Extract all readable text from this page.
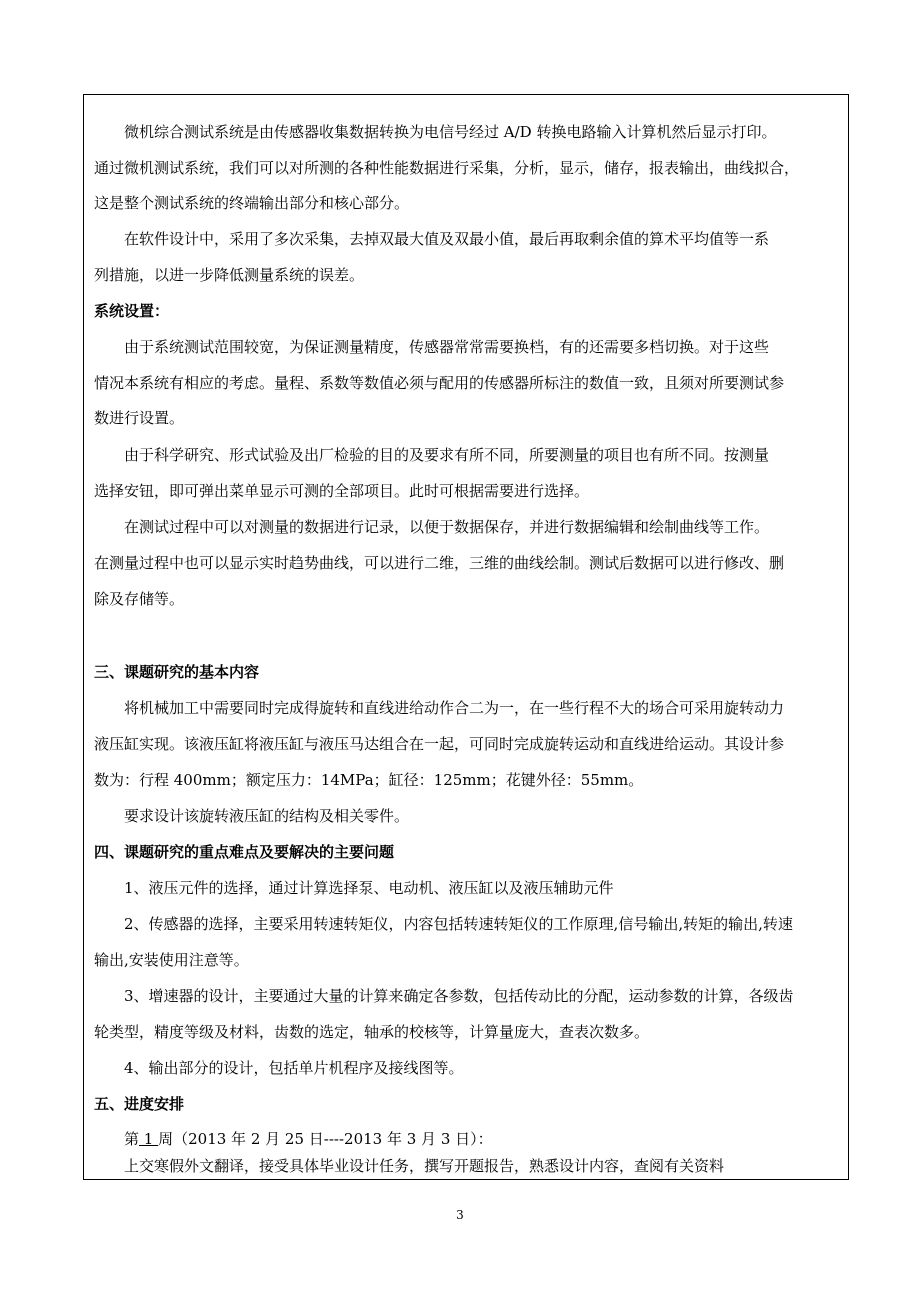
　　微机综合测试系统是由传感器收集数据转换为电信号经过 A/D 转换电路输入计算机然后显示打印。
通过微机测试系统，我们可以对所测的各种性能数据进行采集，分析，显示，储存，报表输出，曲线拟合，
这是整个测试系统的终端输出部分和核心部分。
　　在软件设计中，采用了多次采集，去掉双最大值及双最小值，最后再取剩余值的算术平均值等一系
列措施，以进一步降低测量系统的误差。
系统设置：
　　由于系统测试范围较宽，为保证测量精度，传感器常常需要换档，有的还需要多档切换。对于这些
情况本系统有相应的考虑。量程、系数等数值必须与配用的传感器所标注的数值一致，且须对所要测试参
数进行设置。
　　由于科学研究、形式试验及出厂检验的目的及要求有所不同，所要测量的项目也有所不同。按测量
选择安钮，即可弹出菜单显示可测的全部项目。此时可根据需要进行选择。
　　在测试过程中可以对测量的数据进行记录，以便于数据保存，并进行数据编辑和绘制曲线等工作。
在测量过程中也可以显示实时趋势曲线，可以进行二维，三维的曲线绘制。测试后数据可以进行修改、删
除及存储等。
三、课题研究的基本内容
　　将机械加工中需要同时完成得旋转和直线进给动作合二为一，在一些行程不大的场合可采用旋转动力
液压缸实现。该液压缸将液压缸与液压马达组合在一起，可同时完成旋转运动和直线进给运动。其设计参
数为：行程 400mm；额定压力：14MPa；缸径：125mm；花键外径：55mm。
　　要求设计该旋转液压缸的结构及相关零件。
四、课题研究的重点难点及要解决的主要问题
　　1、液压元件的选择，通过计算选择泵、电动机、液压缸以及液压辅助元件
　　2、传感器的选择，主要采用转速转矩仪，内容包括转速转矩仪的工作原理,信号输出,转矩的输出,转速
输出,安装使用注意等。
　　3、增速器的设计，主要通过大量的计算来确定各参数，包括传动比的分配，运动参数的计算，各级齿
轮类型，精度等级及材料，齿数的选定，轴承的校核等，计算量庞大，查表次数多。
　　4、输出部分的设计，包括单片机程序及接线图等。
五、进度安排
　　第 1 周（2013 年 2 月 25 日----2013 年 3 月 3 日）：
　　上交寒假外文翻译，接受具体毕业设计任务，撰写开题报告，熟悉设计内容，查阅有关资料
3
